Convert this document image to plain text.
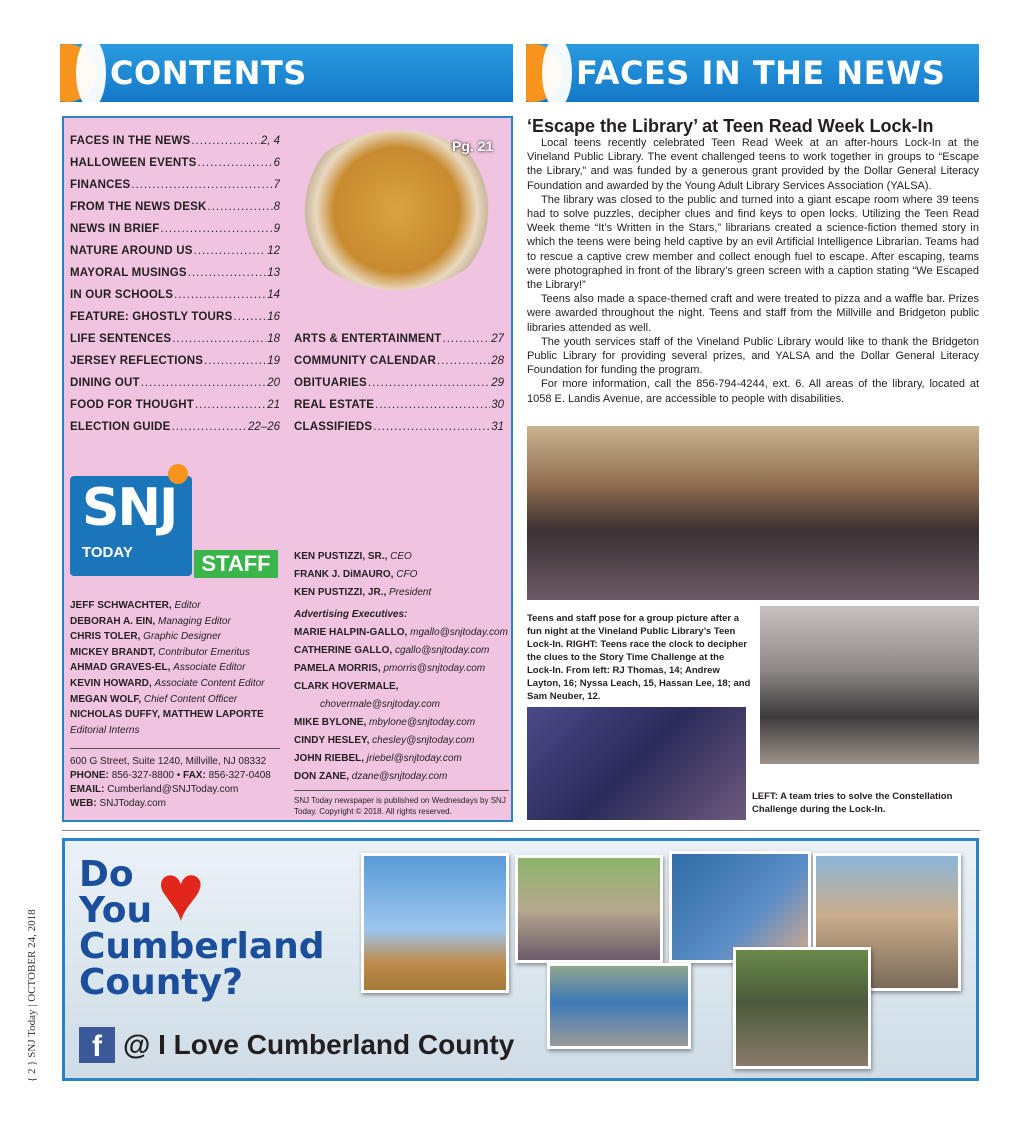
CONTENTS	FACES IN THE NEWS
FACES IN THE NEWS .....	2, 4
HALLOWEEN EVENTS .....	6
FINANCES .....	7
FROM THE NEWS DESK .....	8
NEWS IN BRIEF .....	9
NATURE AROUND US .....	12
MAYORAL MUSINGS .....	13
IN OUR SCHOOLS .....	14
FEATURE: GHOSTLY TOURS .....	16
Pg. 21
LIFE SENTENCES .....	18
JERSEY REFLECTIONS .....	19
DINING OUT .....	20
FOOD FOR THOUGHT .....	21
ELECTION GUIDE .....	22–26
ARTS & ENTERTAINMENT .....	27
COMMUNITY CALENDAR .....	28
OBITUARIES .....	29
REAL ESTATE .....	30
CLASSIFIEDS .....	31
SNJ
TODAY	STAFF
JEFF SCHWACHTER, Editor
DEBORAH A. EIN, Managing Editor
CHRIS TOLER, Graphic Designer
MICKEY BRANDT, Contributor Emeritus
AHMAD GRAVES-EL, Associate Editor
KEVIN HOWARD, Associate Content Editor
MEGAN WOLF, Chief Content Officer
NICHOLAS DUFFY, MATTHEW LAPORTE
Editorial Interns
600 G Street, Suite 1240, Millville, NJ 08332
PHONE: 856-327-8800 • FAX: 856-327-0408
EMAIL: Cumberland@SNJToday.com
WEB: SNJToday.com
KEN PUSTIZZI, SR., CEO
FRANK J. DiMAURO, CFO
KEN PUSTIZZI, JR., President
Advertising Executives:
MARIE HALPIN-GALLO, mgallo@snjtoday.com
CATHERINE GALLO, cgallo@snjtoday.com
PAMELA MORRIS, pmorris@snjtoday.com
CLARK HOVERMALE,
chovermale@snjtoday.com
MIKE BYLONE, mbylone@snjtoday.com
CINDY HESLEY, chesley@snjtoday.com
JOHN RIEBEL, jriebel@snjtoday.com
DON ZANE, dzane@snjtoday.com
SNJ Today newspaper is published on Wednesdays by SNJ Today. Copyright © 2018. All rights reserved.
‘Escape the Library’ at Teen Read Week Lock-In

Local teens recently celebrated Teen Read Week at an after-hours Lock-In at the Vineland Public Library. The event challenged teens to work together in groups to “Escape the Library,” and was funded by a generous grant provided by the Dollar General Literacy Foundation and awarded by the Young Adult Library Services Association (YALSA).

The library was closed to the public and turned into a giant escape room where 39 teens had to solve puzzles, decipher clues and find keys to open locks. Utilizing the Teen Read Week theme “It’s Written in the Stars,” librarians created a science-fiction themed story in which the teens were being held captive by an evil Artificial Intelligence Librarian. Teams had to rescue a captive crew member and collect enough fuel to escape. After escaping, teams were photographed in front of the library’s green screen with a caption stating “We Escaped the Library!”

Teens also made a space-themed craft and were treated to pizza and a waffle bar. Prizes were awarded throughout the night. Teens and staff from the Millville and Bridgeton public libraries attended as well.

The youth services staff of the Vineland Public Library would like to thank the Bridgeton Public Library for providing several prizes, and YALSA and the Dollar General Literacy Foundation for funding the program.

For more information, call the 856-794-4244, ext. 6. All areas of the library, located at 1058 E. Landis Avenue, are accessible to people with disabilities.

Teens and staff pose for a group picture after a fun night at the Vineland Public Library’s Teen Lock-In. RIGHT: Teens race the clock to decipher the clues to the Story Time Challenge at the Lock-In. From left: RJ Thomas, 14; Andrew Layton, 16; Nyssa Leach, 15, Hassan Lee, 18; and Sam Neuber, 12.
LEFT: A team tries to solve the Constellation Challenge during the Lock-In.
Do
You
Cumberland
County?
♥
f @ I Love Cumberland County
{ 2 } SNJ Today | OCTOBER 24, 2018
